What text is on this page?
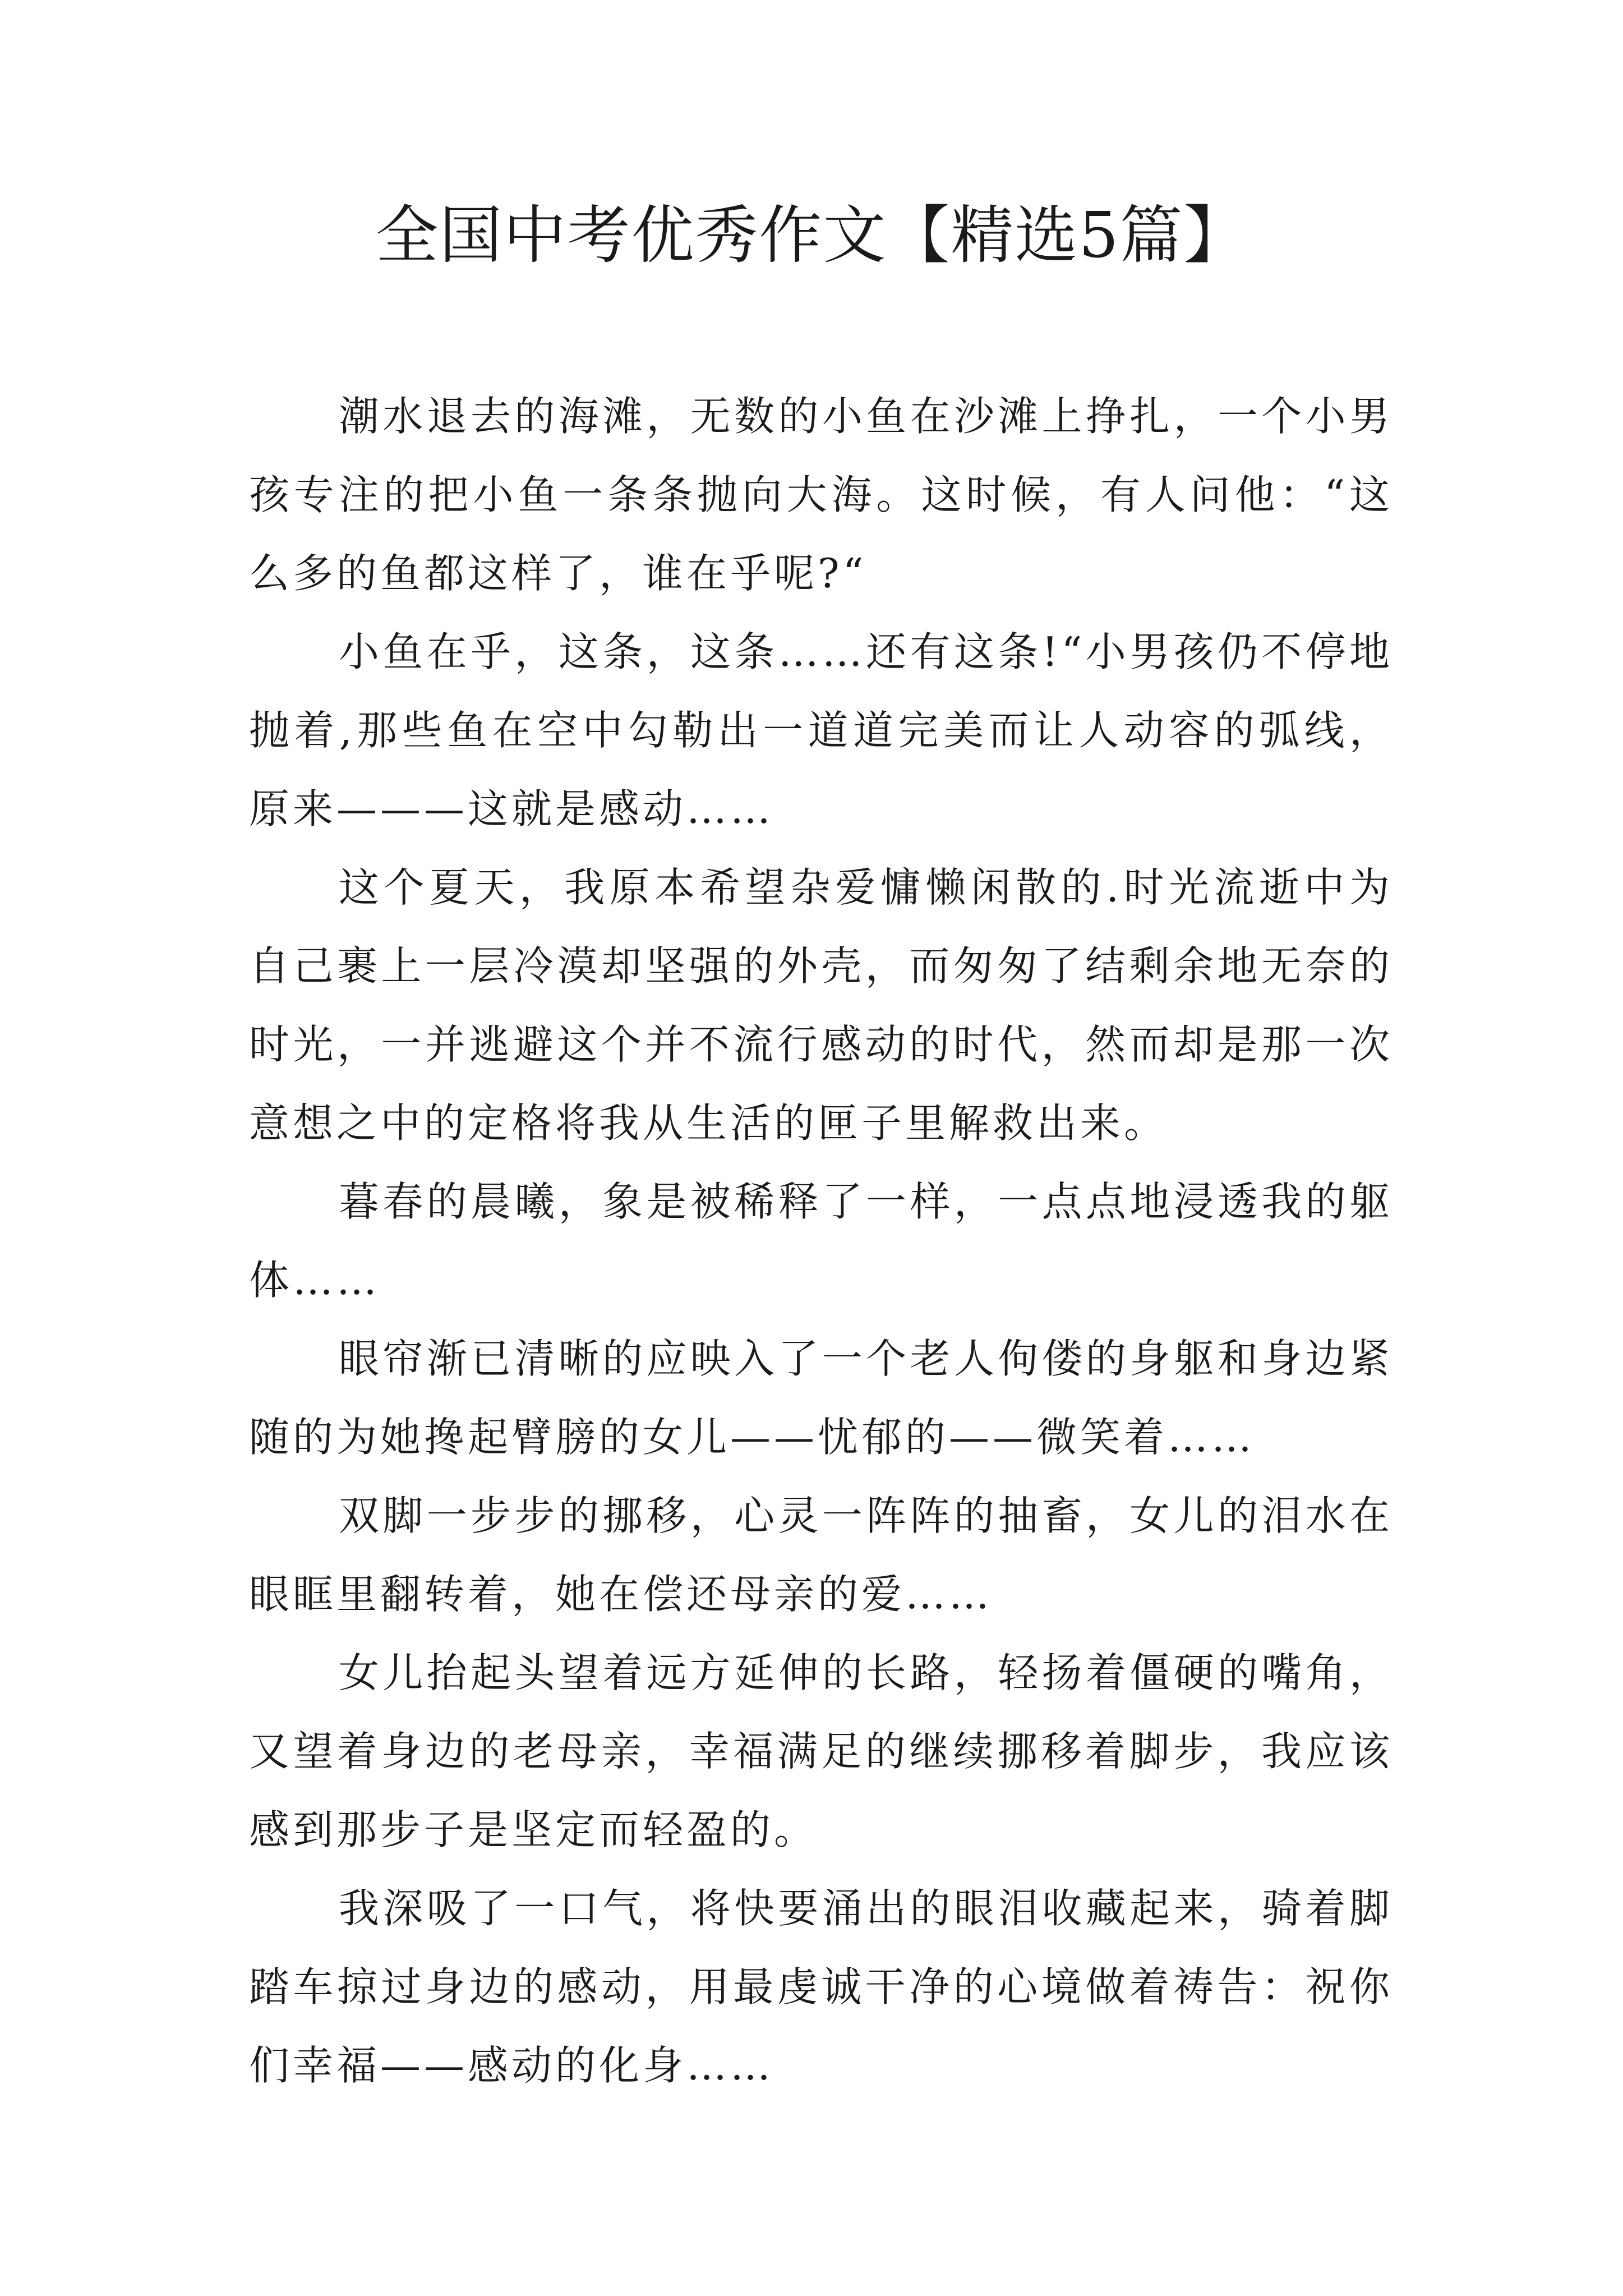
全国中考优秀作文【精选5篇】

潮水退去的海滩，无数的小鱼在沙滩上挣扎，一个小男孩专注的把小鱼一条条抛向大海。这时候，有人问他：“这么多的鱼都这样了，谁在乎呢?“

小鱼在乎，这条，这条……还有这条!“小男孩仍不停地抛着,那些鱼在空中勾勒出一道道完美而让人动容的弧线，原来———这就是感动……

这个夏天，我原本希望杂爱慵懒闲散的.时光流逝中为自己裹上一层冷漠却坚强的外壳，而匆匆了结剩余地无奈的时光，一并逃避这个并不流行感动的时代，然而却是那一次意想之中的定格将我从生活的匣子里解救出来。

暮春的晨曦，象是被稀释了一样，一点点地浸透我的躯体……

眼帘渐已清晰的应映入了一个老人佝偻的身躯和身边紧随的为她搀起臂膀的女儿——忧郁的——微笑着……

双脚一步步的挪移，心灵一阵阵的抽畜，女儿的泪水在眼眶里翻转着，她在偿还母亲的爱……

女儿抬起头望着远方延伸的长路，轻扬着僵硬的嘴角，又望着身边的老母亲，幸福满足的继续挪移着脚步，我应该感到那步子是坚定而轻盈的。

我深吸了一口气，将快要涌出的眼泪收藏起来，骑着脚踏车掠过身边的感动，用最虔诚干净的心境做着祷告：祝你们幸福——感动的化身……
